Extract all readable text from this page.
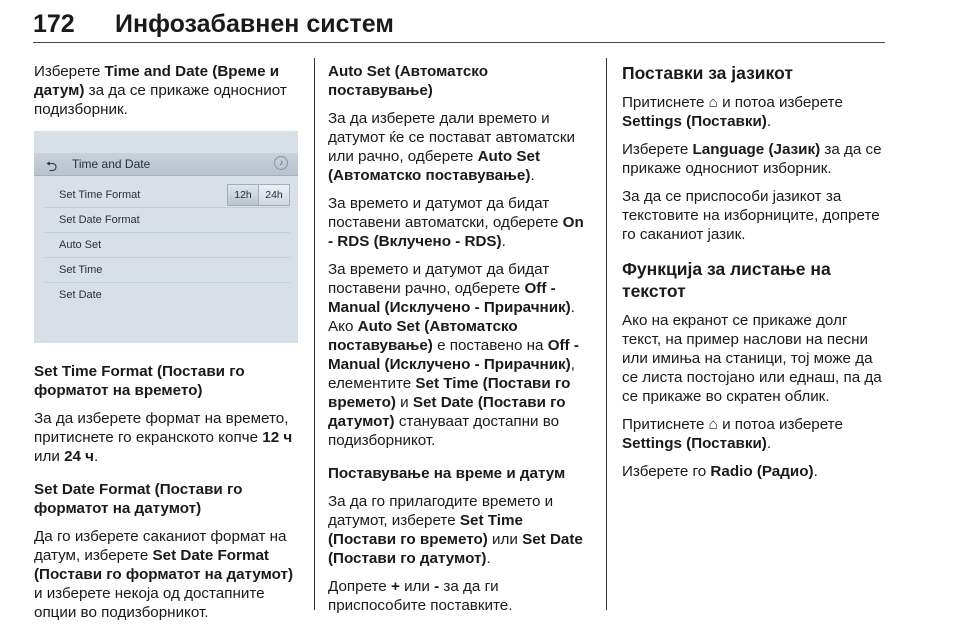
172 Инфозабавнен систем

Изберете Time and Date (Време и датум) за да се прикаже односниот подизборник.

⮌ Time and Date	♪
Set Time Format	12h	24h
Set Date Format
Auto Set
Set Time
Set Date

Set Time Format (Постави го форматот на времето)

За да изберете формат на времето, притиснете го екранското копче 12 ч или 24 ч.

Set Date Format (Постави го форматот на датумот)

Да го изберете саканиот формат на датум, изберете Set Date Format (Постави го форматот на датумот) и изберете некоја од достапните опции во подизборникот.

Auto Set (Автоматско поставување)

За да изберете дали времето и датумот ќе се постават автоматски или рачно, одберете Auto Set (Автоматско поставување).

За времето и датумот да бидат поставени автоматски, одберете On - RDS (Вклучено - RDS).

За времето и датумот да бидат поставени рачно, одберете Off - Manual (Исклучено - Прирачник). Ако Auto Set (Автоматско поставување) е поставено на Off - Manual (Исклучено - Прирачник), елементите Set Time (Постави го времето) и Set Date (Постави го датумот) стануваат достапни во подизборникот.

Поставување на време и датум

За да го прилагодите времето и датумот, изберете Set Time (Постави го времето) или Set Date (Постави го датумот).

Допрете + или - за да ги приспособите поставките.

Поставки за јазикот

Притиснете ⌂ и потоа изберете Settings (Поставки).

Изберете Language (Јазик) за да се прикаже односниот изборник.

За да се приспособи јазикот за текстовите на изборниците, допрете го саканиот јазик.

Функција за листање на текстот

Ако на екранот се прикаже долг текст, на пример наслови на песни или имиња на станици, тој може да се листа постојано или еднаш, па да се прикаже во скратен облик.

Притиснете ⌂ и потоа изберете Settings (Поставки).

Изберете го Radio (Радио).
